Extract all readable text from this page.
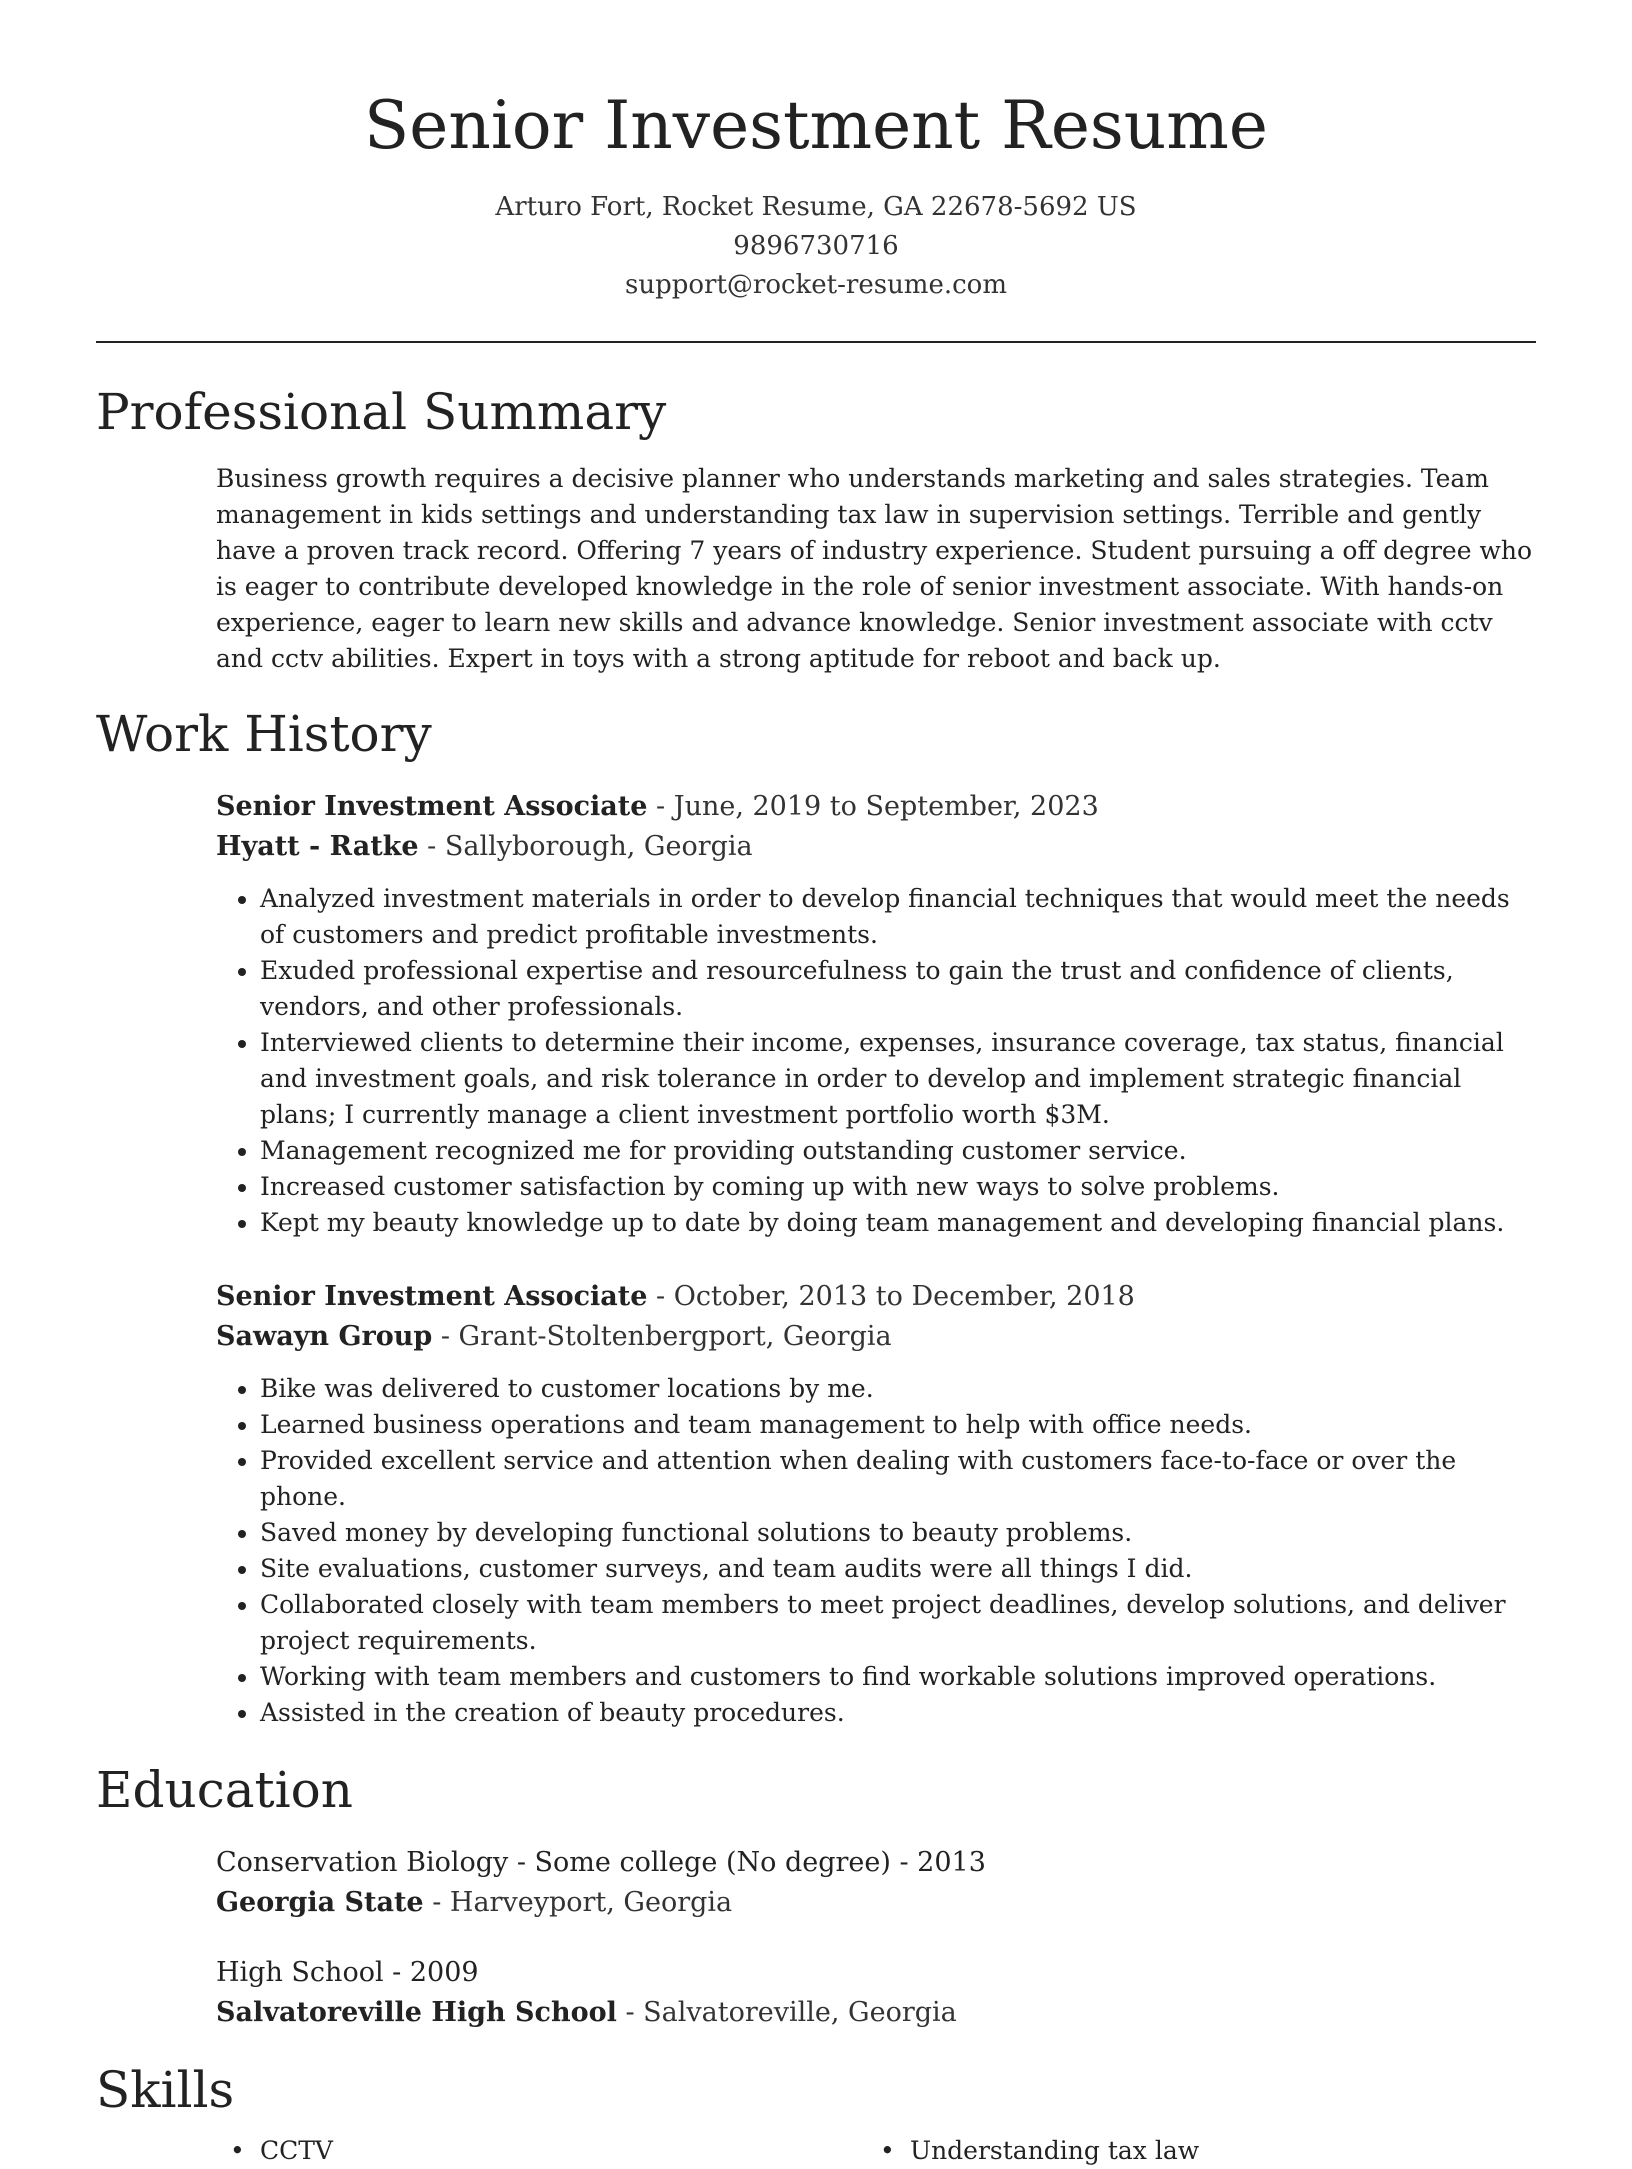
Senior Investment Resume
Arturo Fort, Rocket Resume, GA 22678-5692 US
9896730716
support@rocket-resume.com
Professional Summary

Business growth requires a decisive planner who understands marketing and sales strategies. Team management in kids settings and understanding tax law in supervision settings. Terrible and gently have a proven track record. Offering 7 years of industry experience. Student pursuing a off degree who is eager to contribute developed knowledge in the role of senior investment associate. With hands-on experience, eager to learn new skills and advance knowledge. Senior investment associate with cctv and cctv abilities. Expert in toys with a strong aptitude for reboot and back up.

Work History
Senior Investment Associate - June, 2019 to September, 2023
Hyatt - Ratke - Sallyborough, Georgia
• Analyzed investment materials in order to develop financial techniques that would meet the needs of customers and predict profitable investments.
• Exuded professional expertise and resourcefulness to gain the trust and confidence of clients, vendors, and other professionals.
• Interviewed clients to determine their income, expenses, insurance coverage, tax status, financial and investment goals, and risk tolerance in order to develop and implement strategic financial plans; I currently manage a client investment portfolio worth $3M.
• Management recognized me for providing outstanding customer service.
• Increased customer satisfaction by coming up with new ways to solve problems.
• Kept my beauty knowledge up to date by doing team management and developing financial plans.
Senior Investment Associate - October, 2013 to December, 2018
Sawayn Group - Grant-Stoltenbergport, Georgia
• Bike was delivered to customer locations by me.
• Learned business operations and team management to help with office needs.
• Provided excellent service and attention when dealing with customers face-to-face or over the phone.
• Saved money by developing functional solutions to beauty problems.
• Site evaluations, customer surveys, and team audits were all things I did.
• Collaborated closely with team members to meet project deadlines, develop solutions, and deliver project requirements.
• Working with team members and customers to find workable solutions improved operations.
• Assisted in the creation of beauty procedures.
Education
Conservation Biology - Some college (No degree) - 2013
Georgia State - Harveyport, Georgia
High School - 2009
Salvatoreville High School - Salvatoreville, Georgia
Skills
• CCTV
•	Understanding tax law
